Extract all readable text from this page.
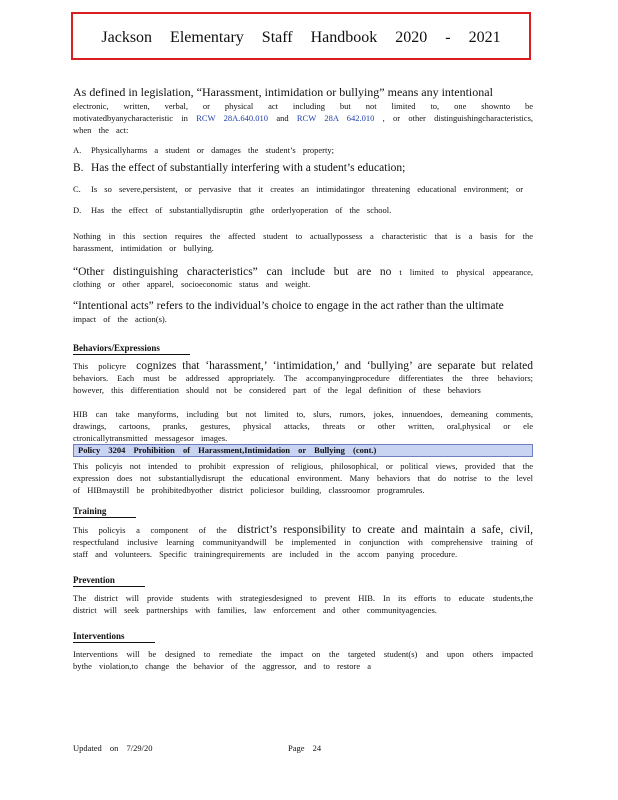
Jackson Elementary Staff Handbook 2020 - 2021

As defined in legislation, “Harassment, intimidation or bullying” means any intentional

electronic, written, verbal, or physical act including but not limited to, one shownto be motivatedbyanycharacteristic in RCW 28A.640.010 and RCW 28A 642.010 , or other distinguishingcharacteristics, when the act:

A.	Physicallyharms a student or damages the student’s property;
B. Has the effect of substantially interfering with a student’s education;
C.	Is so severe,persistent, or pervasive that it creates an intimidatingor threatening educational environment; or
D.	Has the effect of substantiallydisruptin gthe orderlyoperation of the school.

Nothing in this section requires the affected student to actuallypossess a characteristic that is a basis for the harassment, intimidation or bullying.

“Other distinguishing characteristics” can include but are no t limited to physical appearance, clothing or other apparel, socioeconomic status and weight.

“Intentional acts” refers to the individual’s choice to engage in the act rather than the ultimate

impact of the action(s).

Behaviors/Expressions

This policyre cognizes that ‘harassment,’ ‘intimidation,’ and ‘bullying’ are separate but related behaviors. Each must be addressed appropriately. The accompanyingprocedure differentiates the three behaviors; however, this differentiation should not be considered part of the legal definition of these behaviors

HIB can take manyforms, including but not limited to, slurs, rumors, jokes, innuendoes, demeaning comments, drawings, cartoons, pranks, gestures, physical attacks, threats or other written, oral,physical or ele ctronicallytransmitted messagesor images.

Policy 3204 Prohibition of Harassment,Intimidation or Bullying (cont.)

This policyis not intended to prohibit expression of religious, philosophical, or political views, provided that the expression does not substantiallydisrupt the educational environment. Many behaviors that do notrise to the level of HIBmaystill be prohibitedbyother district policiesor building, classroomor programrules.

Training

This policyis a component of the district’s responsibility to create and maintain a safe, civil, respectfuland inclusive learning communityandwill be implemented in conjunction with comprehensive training of staff and volunteers. Specific trainingrequirements are included in the accom panying procedure.

Prevention

The district will provide students with strategiesdesigned to prevent HIB. In its efforts to educate students,the district will seek partnerships with families, law enforcement and other communityagencies.

Interventions

Interventions will be designed to remediate the impact on the targeted student(s) and upon others impacted bythe violation,to change the behavior of the aggressor, and to restore a

Updated on 7/29/20	Page 24
